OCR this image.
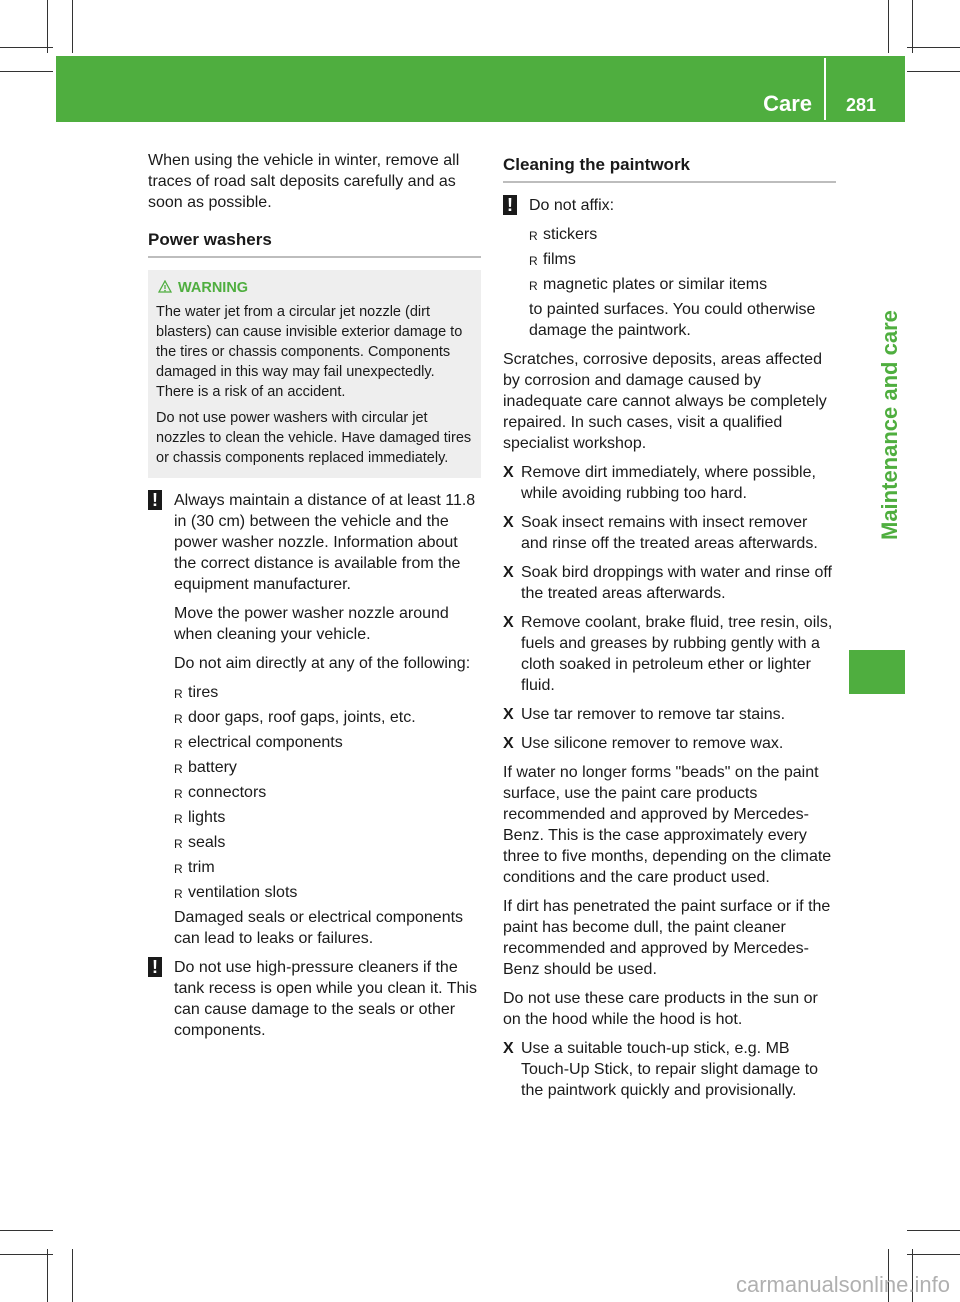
Care	281
Maintenance and care

When using the vehicle in winter, remove all traces of road salt deposits carefully and as soon as possible.

Power washers
WARNING

The water jet from a circular jet nozzle (dirt blasters) can cause invisible exterior damage to the tires or chassis components. Components damaged in this way may fail unexpectedly. There is a risk of an accident.

Do not use power washers with circular jet nozzles to clean the vehicle. Have damaged tires or chassis components replaced immediately.

! Always maintain a distance of at least 11.8 in (30 cm) between the vehicle and the power washer nozzle. Information about the correct distance is available from the equipment manufacturer.

Move the power washer nozzle around when cleaning your vehicle.

Do not aim directly at any of the following:

R tires
R door gaps, roof gaps, joints, etc.
R electrical components
R battery
R connectors
R lights
R seals
R trim
R ventilation slots

Damaged seals or electrical components can lead to leaks or failures.

! Do not use high-pressure cleaners if the tank recess is open while you clean it. This can cause damage to the seals or other components.

Cleaning the paintwork
! Do not affix:

R stickers
R films
R magnetic plates or similar items

to painted surfaces. You could otherwise damage the paintwork.

Scratches, corrosive deposits, areas affected by corrosion and damage caused by inadequate care cannot always be completely repaired. In such cases, visit a qualified specialist workshop.

X Remove dirt immediately, where possible, while avoiding rubbing too hard.
X Soak insect remains with insect remover and rinse off the treated areas afterwards.
X Soak bird droppings with water and rinse off the treated areas afterwards.
X Remove coolant, brake fluid, tree resin, oils, fuels and greases by rubbing gently with a cloth soaked in petroleum ether or lighter fluid.
X Use tar remover to remove tar stains.
X Use silicone remover to remove wax.

If water no longer forms "beads" on the paint surface, use the paint care products recommended and approved by Mercedes-Benz. This is the case approximately every three to five months, depending on the climate conditions and the care product used.

If dirt has penetrated the paint surface or if the paint has become dull, the paint cleaner recommended and approved by Mercedes-Benz should be used.

Do not use these care products in the sun or on the hood while the hood is hot.

X Use a suitable touch-up stick, e.g. MB Touch-Up Stick, to repair slight damage to the paintwork quickly and provisionally.
carmanualsonline.info
